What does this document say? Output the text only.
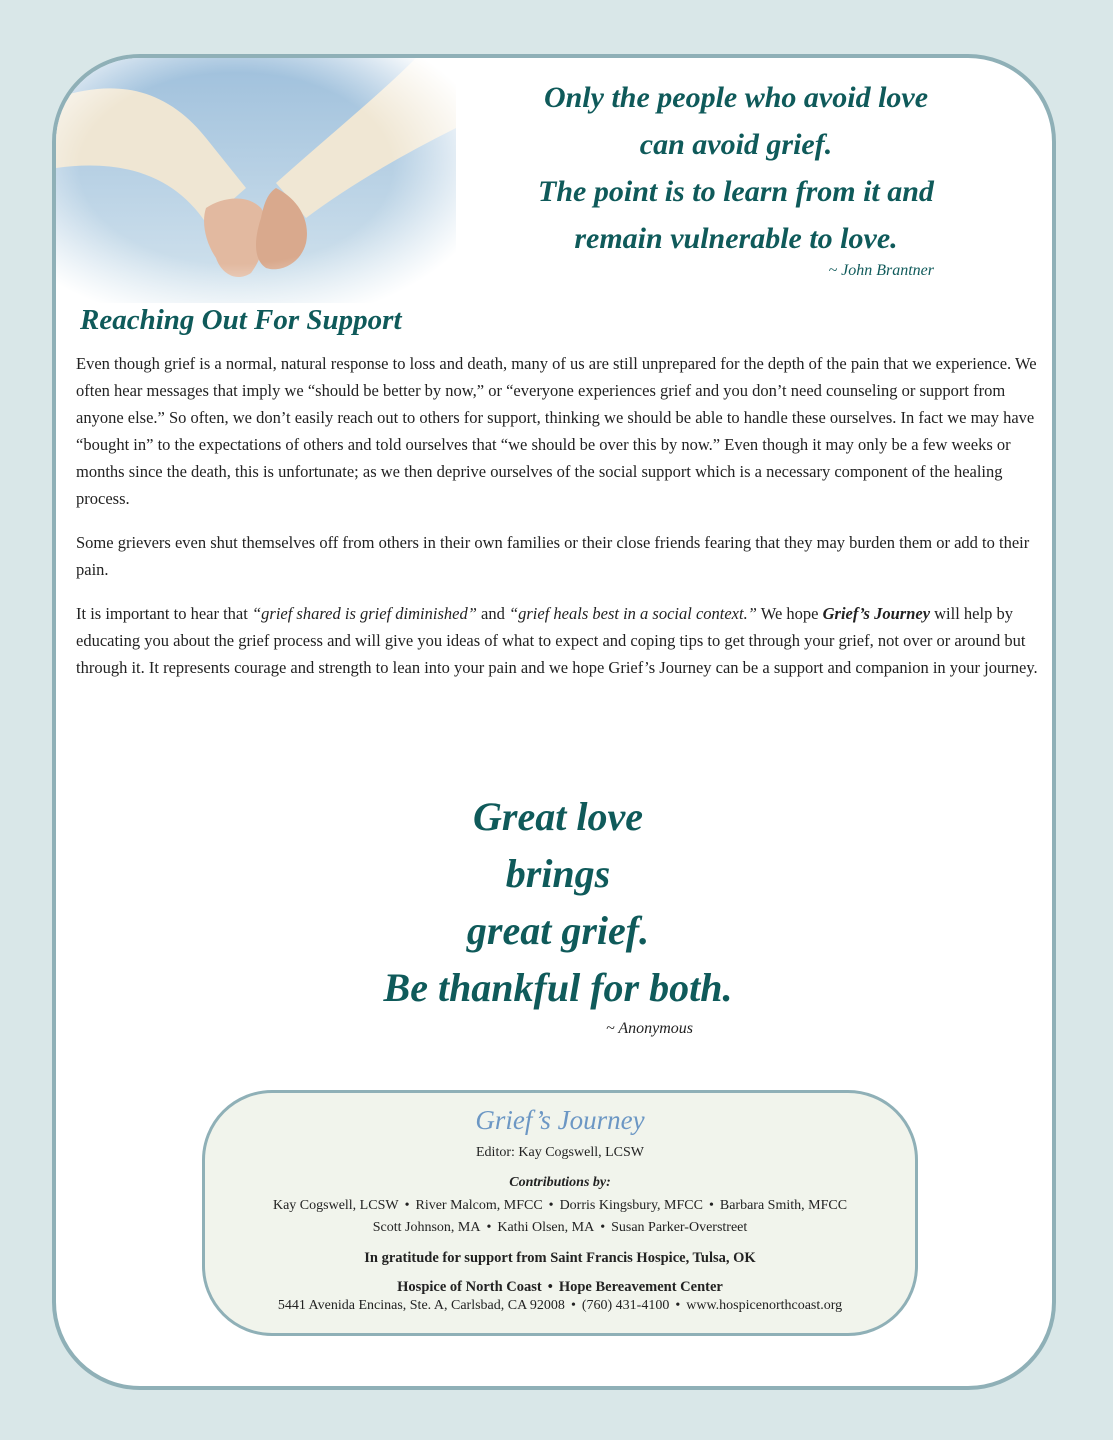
Only the people who avoid love
can avoid grief.
The point is to learn from it and
remain vulnerable to love.
~ John Brantner
Reaching Out For Support

Even though grief is a normal, natural response to loss and death, many of us are still unprepared for the depth of the pain that we experience. We often hear messages that imply we “should be better by now,” or “everyone experiences grief and you don’t need counseling or support from anyone else.” So often, we don’t easily reach out to others for support, thinking we should be able to handle these ourselves. In fact we may have “bought in” to the expectations of others and told ourselves that “we should be over this by now.” Even though it may only be a few weeks or months since the death, this is unfortunate; as we then deprive ourselves of the social support which is a necessary component of the healing process.

Some grievers even shut themselves off from others in their own families or their close friends fearing that they may burden them or add to their pain.

It is important to hear that “grief shared is grief diminished” and “grief heals best in a social context.” We hope Grief’s Journey will help by educating you about the grief process and will give you ideas of what to expect and coping tips to get through your grief, not over or around but through it. It represents courage and strength to lean into your pain and we hope Grief’s Journey can be a support and companion in your journey.

Great love
brings
great grief.
Be thankful for both.
~ Anonymous
Grief’s Journey
Editor: Kay Cogswell, LCSW
Contributions by:
Kay Cogswell, LCSW • River Malcom, MFCC • Dorris Kingsbury, MFCC • Barbara Smith, MFCC
Scott Johnson, MA • Kathi Olsen, MA • Susan Parker-Overstreet
In gratitude for support from Saint Francis Hospice, Tulsa, OK
Hospice of North Coast • Hope Bereavement Center
5441 Avenida Encinas, Ste. A, Carlsbad, CA 92008 • (760) 431-4100 • www.hospicenorthcoast.org
